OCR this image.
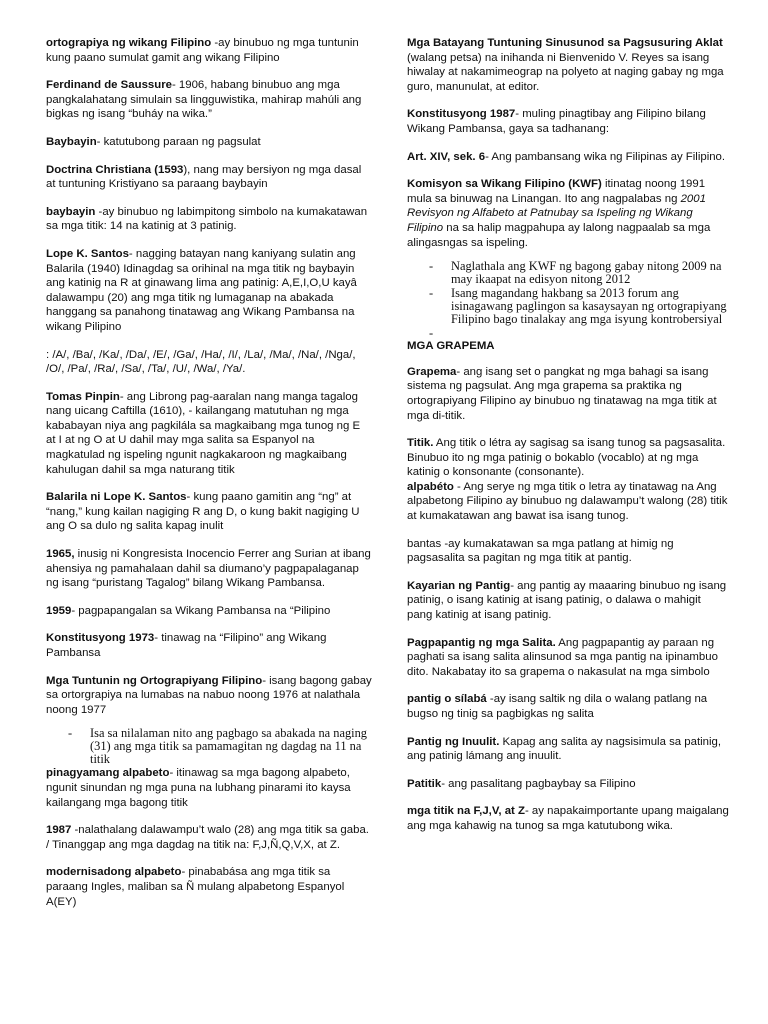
ortograpiya ng wikang Filipino -ay binubuo ng mga tuntunin kung paano sumulat gamit ang wikang Filipino

Ferdinand de Saussure- 1906, habang binubuo ang mga pangkalahatang simulain sa lingguwistika, mahirap mahúli ang bigkas ng isang “buháy na wika.”

Baybayin- katutubong paraan ng pagsulat

Doctrina Christiana (1593), nang may bersiyon ng mga dasal at tuntuning Kristiyano sa paraang baybayin

baybayin -ay binubuo ng labimpitong simbolo na kumakatawan sa mga titik: 14 na katinig at 3 patinig.

Lope K. Santos- nagging batayan nang kaniyang sulatin ang Balarila (1940) Idinagdag sa orihinal na mga titik ng baybayin ang katinig na R at ginawang lima ang patinig: A,E,I,O,U kayâ dalawampu (20) ang mga titik ng lumaganap na abakada hanggang sa panahong tinatawag ang Wikang Pambansa na wikang Pilipino

: /A/, /Ba/, /Ka/, /Da/, /E/, /Ga/, /Ha/, /I/, /La/, /Ma/, /Na/, /Nga/, /O/, /Pa/, /Ra/, /Sa/, /Ta/, /U/, /Wa/, /Ya/.

Tomas Pinpin- ang Librong pag-aaralan nang manga tagalog nang uicang Caftilla (1610), - kailangang matutuhan ng mga kababayan niya ang pagkilála sa magkaibang mga tunog ng E at I at ng O at U dahil may mga salita sa Espanyol na magkatulad ng ispeling ngunit nagkakaroon ng magkaibang kahulugan dahil sa mga naturang titik

Balarila ni Lope K. Santos- kung paano gamitin ang “ng” at “nang,” kung kailan nagiging R ang D, o kung bakit nagiging U ang O sa dulo ng salita kapag inulit

1965, inusig ni Kongresista Inocencio Ferrer ang Surian at ibang ahensiya ng pamahalaan dahil sa diumano’y pagpapalaganap ng isang “puristang Tagalog” bilang Wikang Pambansa.

1959- pagpapangalan sa Wikang Pambansa na “Pilipino

Konstitusyong 1973- tinawag na “Filipino” ang Wikang Pambansa

Mga Tuntunin ng Ortograpiyang Filipino- isang bagong gabay sa ortorgrapiya na lumabas na nabuo noong 1976 at nalathala noong 1977

- Isa sa nilalaman nito ang pagbago sa abakada na naging (31) ang mga titik sa pamamagitan ng dagdag na 11 na titik

pinagyamang alpabeto- itinawag sa mga bagong alpabeto, ngunit sinundan ng mga puna na lubhang pinarami ito kaysa kailangang mga bagong titik

1987 -nalathalang dalawampu’t walo (28) ang mga titik sa gaba. / Tinanggap ang mga dagdag na titik na: F,J,Ñ,Q,V,X, at Z.

modernisadong alpabeto- pinababása ang mga titik sa paraang Ingles, maliban sa Ñ mulang alpabetong Espanyol A(EY)

Mga Batayang Tuntuning Sinusunod sa Pagsusuring Aklat (walang petsa) na inihanda ni Bienvenido V. Reyes sa isang hiwalay at nakamimeograp na polyeto at naging gabay ng mga guro, manunulat, at editor.

Konstitusyong 1987- muling pinagtibay ang Filipino bilang Wikang Pambansa, gaya sa tadhanang:

Art. XIV, sek. 6- Ang pambansang wika ng Filipinas ay Filipino.

Komisyon sa Wikang Filipino (KWF) itinatag noong 1991 mula sa binuwag na Linangan. Ito ang nagpalabas ng 2001 Revisyon ng Alfabeto at Patnubay sa Ispeling ng Wikang Filipino na sa halip magpahupa ay lalong nagpaalab sa mga alingasngas sa ispeling.

- Naglathala ang KWF ng bagong gabay nitong 2009 na may ikaapat na edisyon nitong 2012
- Isang magandang hakbang sa 2013 forum ang isinagawang paglingon sa kasaysayan ng ortograpiyang Filipino bago tinalakay ang mga isyung kontrobersiyal
-

MGA GRAPEMA

Grapema- ang isang set o pangkat ng mga bahagi sa isang sistema ng pagsulat. Ang mga grapema sa praktika ng ortograpiyang Filipino ay binubuo ng tinatawag na mga titik at mga di-titik.

Titik. Ang titik o létra ay sagisag sa isang tunog sa pagsasalita. Binubuo ito ng mga patinig o bokablo (vocablo) at ng mga katinig o konsonante (consonante).

alpabéto - Ang serye ng mga titik o letra ay tinatawag na Ang alpabetong Filipino ay binubuo ng dalawampu’t walong (28) titik at kumakatawan ang bawat isa isang tunog.

bantas -ay kumakatawan sa mga patlang at himig ng pagsasalita sa pagitan ng mga titik at pantig.

Kayarian ng Pantig- ang pantig ay maaaring binubuo ng isang patinig, o isang katinig at isang patinig, o dalawa o mahigit pang katinig at isang patinig.

Pagpapantig ng mga Salita. Ang pagpapantig ay paraan ng paghati sa isang salita alinsunod sa mga pantig na ipinambuo dito. Nakabatay ito sa grapema o nakasulat na mga simbolo

pantig o sílabá -ay isang saltik ng dila o walang patlang na bugso ng tinig sa pagbigkas ng salita

Pantig ng Inuulit. Kapag ang salita ay nagsisimula sa patinig, ang patinig lámang ang inuulit.

Patitik- ang pasalitang pagbaybay sa Filipino

mga titik na F,J,V, at Z- ay napakaimportante upang maigalang ang mga kahawig na tunog sa mga katutubong wika.
